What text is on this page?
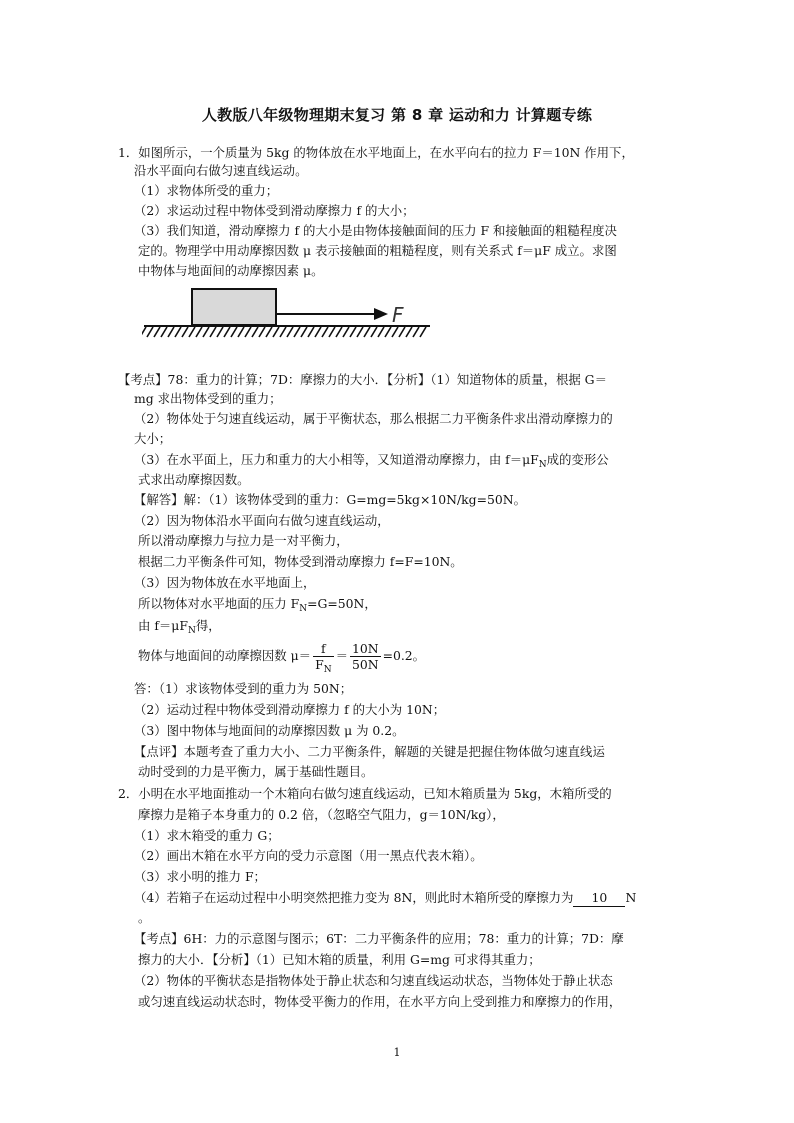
人教版八年级物理期末复习 第 8 章 运动和力 计算题专练
1．如图所示，一个质量为 5kg 的物体放在水平地面上，在水平向右的拉力 F＝10N 作用下，
沿水平面向右做匀速直线运动。
（1）求物体所受的重力；
（2）求运动过程中物体受到滑动摩擦力 f 的大小；
（3）我们知道，滑动摩擦力 f 的大小是由物体接触面间的压力 F 和接触面的粗糙程度决
定的。物理学中用动摩擦因数 μ 表示接触面的粗糙程度，则有关系式 f＝μF 成立。求图
中物体与地面间的动摩擦因素 μ。
F
【考点】78：重力的计算；7D：摩擦力的大小．【分析】（1）知道物体的质量，根据 G＝
mg 求出物体受到的重力；
（2）物体处于匀速直线运动，属于平衡状态，那么根据二力平衡条件求出滑动摩擦力的
大小；
（3）在水平面上，压力和重力的大小相等，又知道滑动摩擦力，由 $f=\mu F_N$成的变形公
式求出动摩擦因数。
【解答】解：（1）该物体受到的重力：G=mg=5kg×10N/kg=50N。
（2）因为物体沿水平面向右做匀速直线运动，
所以滑动摩擦力与拉力是一对平衡力，
根据二力平衡条件可知，物体受到滑动摩擦力 f=F=10N。
（3）因为物体放在水平地面上，
所以物体对水平地面的压力 $F_N=G=50N$，
由 $f=\mu F_N$得，
物体与地面间的动摩擦因数 $\mu= \frac{f}{F_N} = \frac{10N}{50N} =0.2$。
答：（1）求该物体受到的重力为 50N；
（2）运动过程中物体受到滑动摩擦力 f 的大小为 10N；
（3）图中物体与地面间的动摩擦因数 μ 为 0.2。
【点评】本题考查了重力大小、二力平衡条件，解题的关键是把握住物体做匀速直线运
动时受到的力是平衡力，属于基础性题目。
2．小明在水平地面推动一个木箱向右做匀速直线运动，已知木箱质量为 5kg，木箱所受的
摩擦力是箱子本身重力的 0.2 倍，（忽略空气阻力，g＝10N/kg），
（1）求木箱受的重力 G；
（2）画出木箱在水平方向的受力示意图（用一黑点代表木箱）。
（3）求小明的推力 F；
（4）若箱子在运动过程中小明突然把推力变为 8N，则此时木箱所受的摩擦力为 10 N
。
【考点】6H：力的示意图与图示；6T：二力平衡条件的应用；78：重力的计算；7D：摩
擦力的大小．【分析】（1）已知木箱的质量，利用 G=mg 可求得其重力；
（2）物体的平衡状态是指物体处于静止状态和匀速直线运动状态，当物体处于静止状态
或匀速直线运动状态时，物体受平衡力的作用，在水平方向上受到推力和摩擦力的作用，
1
